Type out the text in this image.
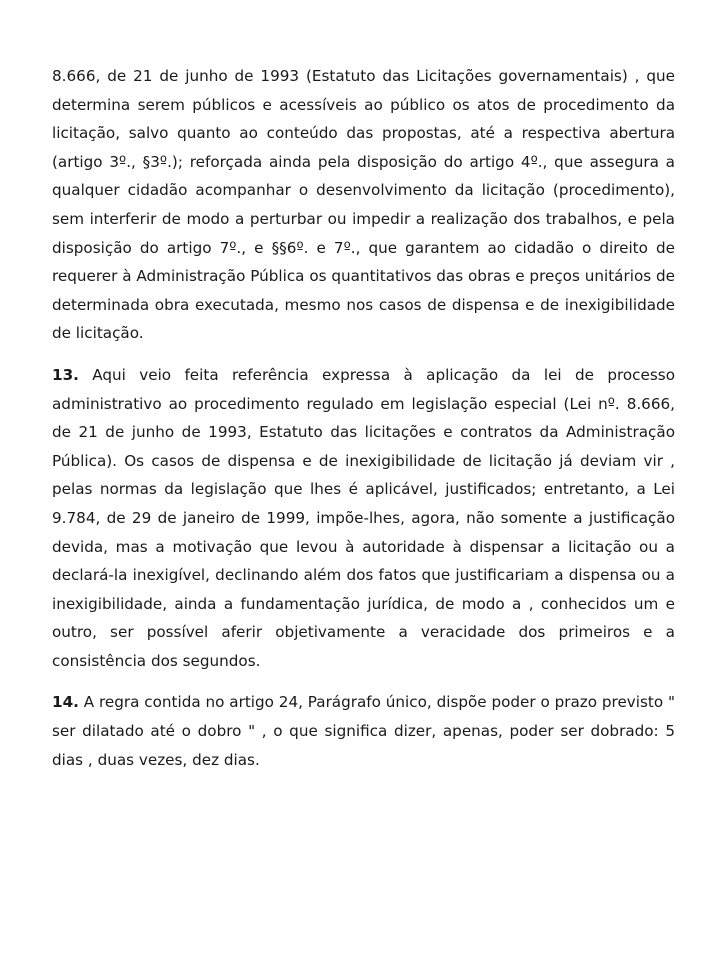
8.666, de 21 de junho de 1993 (Estatuto das Licitações governamentais) , que determina serem públicos e acessíveis ao público os atos de procedimento da licitação, salvo quanto ao conteúdo das propostas, até a respectiva abertura (artigo 3º., §3º.); reforçada ainda pela disposição do artigo 4º., que assegura a qualquer cidadão acompanhar o desenvolvimento da licitação (procedimento), sem interferir de modo a perturbar ou impedir a realização dos trabalhos, e pela disposição do artigo 7º., e §§6º. e 7º., que garantem ao cidadão o direito de requerer à Administração Pública os quantitativos das obras e preços unitários de determinada obra executada, mesmo nos casos de dispensa e de inexigibilidade de licitação.

13. Aqui veio feita referência expressa à aplicação da lei de processo administrativo ao procedimento regulado em legislação especial (Lei nº. 8.666, de 21 de junho de 1993, Estatuto das licitações e contratos da Administração Pública). Os casos de dispensa e de inexigibilidade de licitação já deviam vir , pelas normas da legislação que lhes é aplicável, justificados; entretanto, a Lei 9.784, de 29 de janeiro de 1999, impõe-lhes, agora, não somente a justificação devida, mas a motivação que levou à autoridade à dispensar a licitação ou a declará-la inexigível, declinando além dos fatos que justificariam a dispensa ou a inexigibilidade, ainda a fundamentação jurídica, de modo a , conhecidos um e outro, ser possível aferir objetivamente a veracidade dos primeiros e a consistência dos segundos.

14. A regra contida no artigo 24, Parágrafo único, dispõe poder o prazo previsto " ser dilatado até o dobro " , o que significa dizer, apenas, poder ser dobrado: 5 dias , duas vezes, dez dias.
